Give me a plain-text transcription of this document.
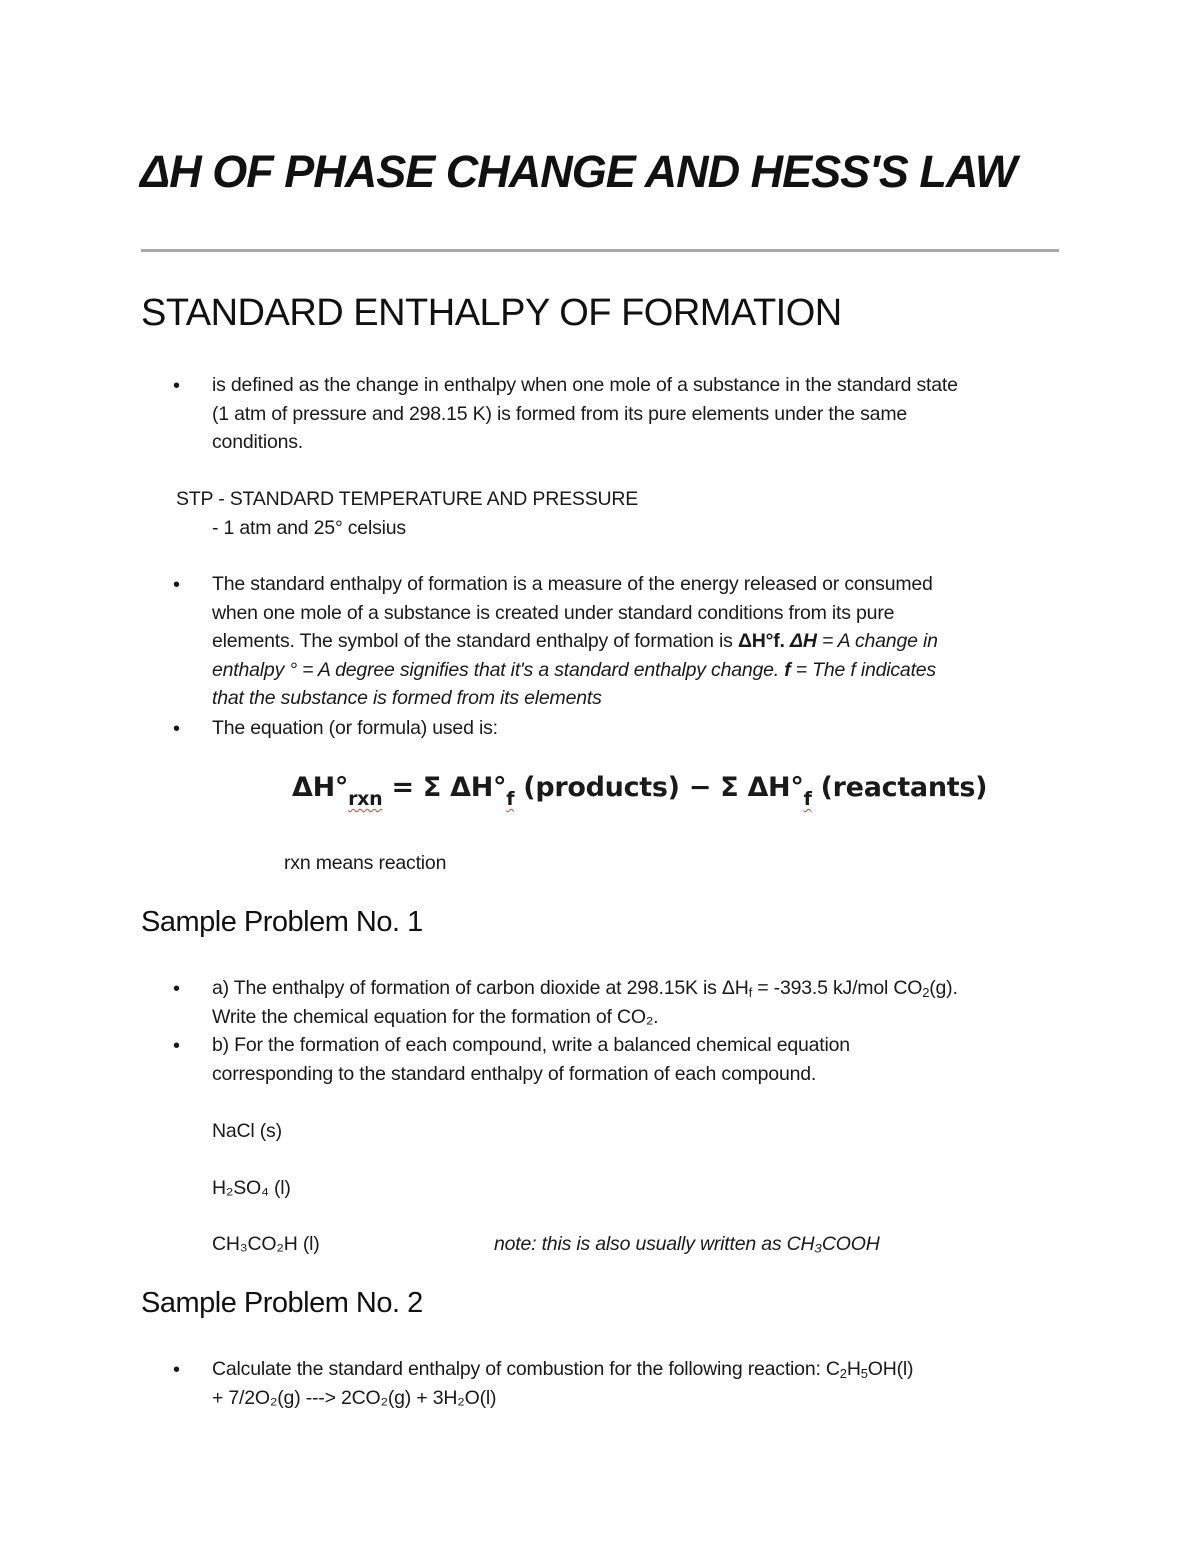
ΔH OF PHASE CHANGE AND HESS'S LAW
STANDARD ENTHALPY OF FORMATION
•	is defined as the change in enthalpy when one mole of a substance in the standard state
(1 atm of pressure and 298.15 K) is formed from its pure elements under the same
conditions.
STP - STANDARD TEMPERATURE AND PRESSURE
- 1 atm and 25° celsius
•	The standard enthalpy of formation is a measure of the energy released or consumed
when one mole of a substance is created under standard conditions from its pure
elements. The symbol of the standard enthalpy of formation is ΔH°f. ΔH = A change in
enthalpy ° = A degree signifies that it's a standard enthalpy change. f = The f indicates
that the substance is formed from its elements
•	The equation (or formula) used is:
$\Delta H^\circ_{rxn} = \Sigma$ $\Delta H^\circ_f$ (products) − Σ $\Delta H^\circ_f$ (reactants)
rxn means reaction
Sample Problem No. 1
•	a) The enthalpy of formation of carbon dioxide at 298.15K is $\Delta H_f = -393.5$ kJ/mol $CO_2(g)$.
Write the chemical equation for the formation of CO₂.
•	b) For the formation of each compound, write a balanced chemical equation
corresponding to the standard enthalpy of formation of each compound.
NaCl (s)
H₂SO₄ (l)
CH₃CO₂H (l)	note: this is also usually written as CH₃COOH
Sample Problem No. 2
•	Calculate the standard enthalpy of combustion for the following reaction: $C_2H_5OH(l)$
+ 7/2O₂(g) ---> 2CO₂(g) + 3H₂O(l)
